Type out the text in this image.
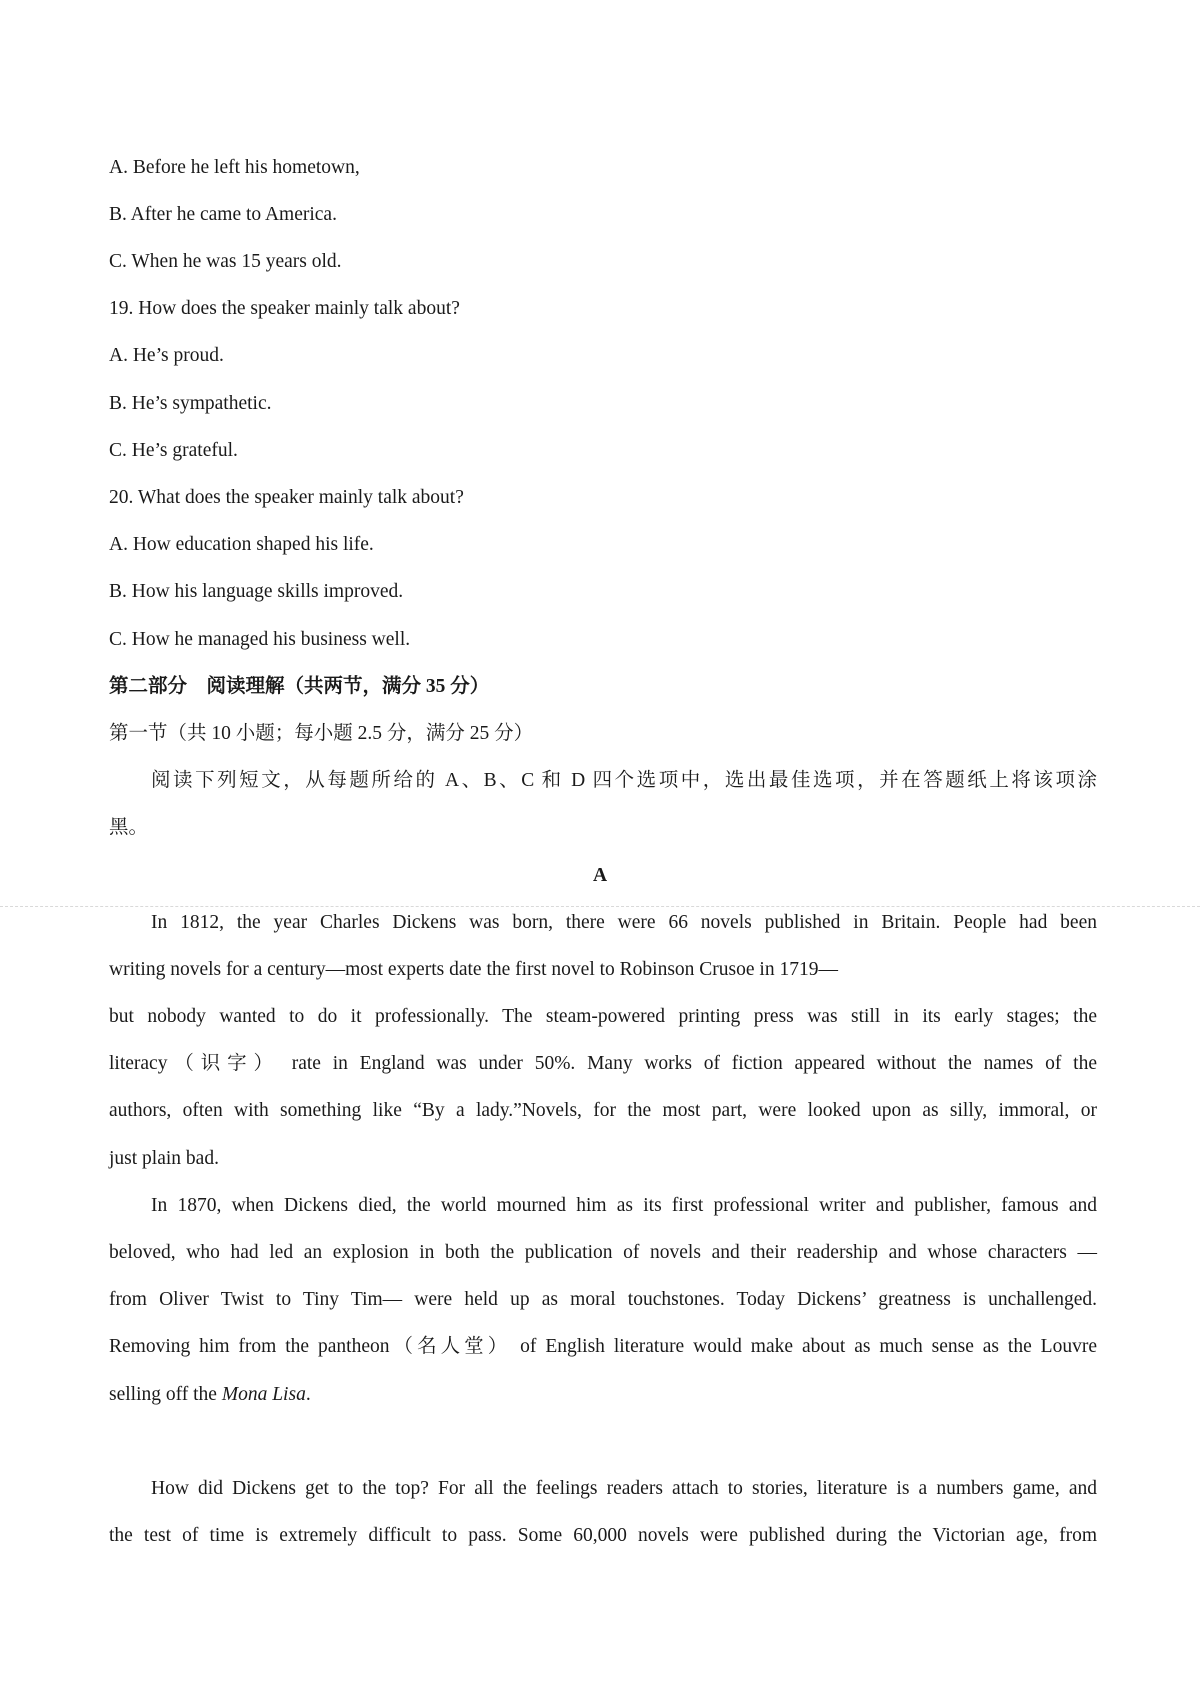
A. Before he left his hometown,
B. After he came to America.
C. When he was 15 years old.
19. How does the speaker mainly talk about?
A. He’s proud.
B. He’s sympathetic.
C. He’s grateful.
20. What does the speaker mainly talk about?
A. How education shaped his life.
B. How his language skills improved.
C. How he managed his business well.
第二部分　阅读理解（共两节，满分 35 分）
第一节（共 10 小题；每小题 2.5 分，满分 25 分）
阅读下列短文，从每题所给的 A、B、C 和 D 四个选项中，选出最佳选项，并在答题纸上将该项涂
黑。
A
In 1812, the year Charles Dickens was born, there were 66 novels published in Britain. People had been
writing novels for a century—most experts date the first novel to Robinson Crusoe in 1719—
but nobody wanted to do it professionally. The steam-powered printing press was still in its early stages; the
literacy（识字） rate in England was under 50%. Many works of fiction appeared without the names of the
authors, often with something like “By a lady.”Novels, for the most part, were looked upon as silly, immoral, or
just plain bad.
In 1870, when Dickens died, the world mourned him as its first professional writer and publisher, famous and
beloved, who had led an explosion in both the publication of novels and their readership and whose characters —
from Oliver Twist to Tiny Tim— were held up as moral touchstones. Today Dickens’ greatness is unchallenged.
Removing him from the pantheon（名人堂） of English literature would make about as much sense as the Louvre
selling off the Mona Lisa.
How did Dickens get to the top? For all the feelings readers attach to stories, literature is a numbers game, and
the test of time is extremely difficult to pass. Some 60,000 novels were published during the Victorian age, from
